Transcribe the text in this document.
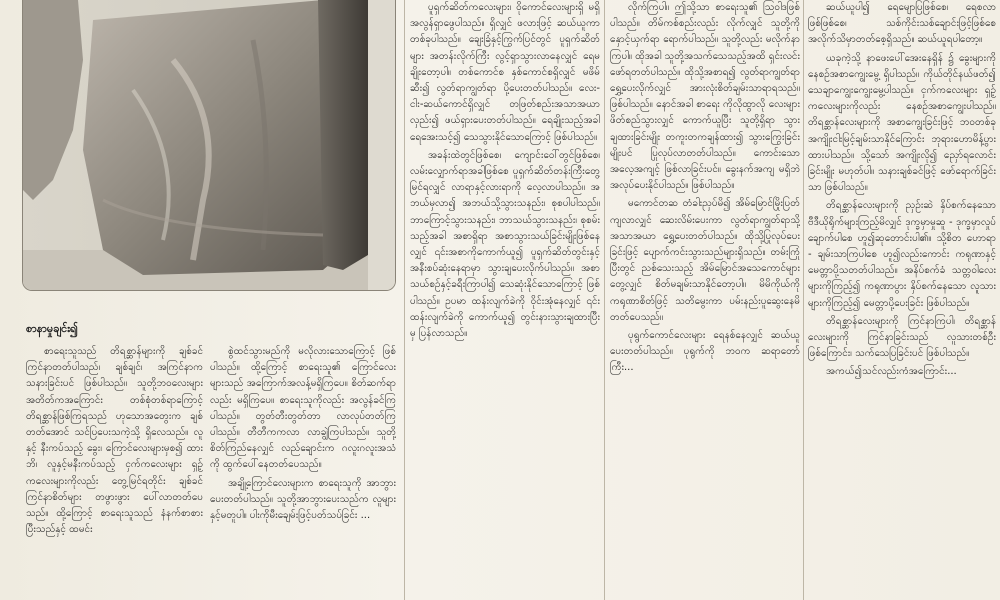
စာနာမှုချင်း၍

စာရေးသူသည် တိရစ္ဆာန်များကို ချစ်ခင်ကြင်နာတတ်ပါသည်၊ ချစ်ချင်၊ အကြင်နာက သနားခြင်းပင် ဖြစ်ပါသည်။ သူတို့ဘဝလေးများ အတိတ်ကအကြောင်း တစ်စုံတစ်ရာကြောင့် တိရစ္ဆာန်ဖြစ်ကြရသည် ဟုသောအတွေးက ချစ်တတ်အောင် သင်ပြပေးသကဲ့သို့ ရှိလေသည်။ လူနှင့် နီးကပ်သည့် ခွေး၊ ကြောင်လေးများမှစ၍ ထားဘိ၊ လူနှင့်မနီးကပ်သည့် ငှက်ကလေးများ ရှဉ့်ကလေးများကိုလည်း တွေ့မြင်ရတိုင်း ချစ်ခင်ကြင်နာစိတ်များ တဖွားဖွား ပေါ်လာတတ်ပေသည်။ ထို့ကြောင့် စာရေးသူသည် နံနက်စာစားပြီးသည်နှင့် ထမင်း

စွဲထင်သွားမည်ကို မလိုလားသောကြောင့် ဖြစ်ပါသည်။ ထို့ကြောင့် စာရေးသူ၏ ကြောင်လေးများသည် အကြောက်အလန့်မရှိကြပေ။ စိတ်ဆက်ရာလည်း မရှိကြပေ။ စာရေးသူကိုလည်း အလွန်ခင်ကြပါသည်။ တွတ်တီးတွတ်တာ လာလုပ်တတ်ကြပါသည်။ တီတီကကလာ လာချွဲကြပါသည်။ သူတို့စိတ်ကြည်နေလျှင် လည်ချောင်းက ဂလူးဂလူးအသံကို ထွက်ပေါ်နေတတ်ပေသည်။

အချို့ကြောင်လေးများက စာရေးသူကို အာဘွားပေးတတ်ပါသည်။ သူတို့အာဘွားပေးသည်က လူများနှင့်မတူပါ။ ပါးကိုမီးချေမ်းဖြင့်ပတ်သပ်ခြင်း ...

ပူရှက်ဆိတ်ကလေးများ၊ ဝိုကောင်လေးများရှိ မရှိ အလွန်ရှာဖွေပါသည်။ ရှိလျှင် ဖလားဖြင့် ဆယ်ယူကာ တစ်ခုပါသည်။ ချေးခြံနှင့်ကြွက်ပြင်တွင် ပူရှက်ဆိတ်များ အတန်းလိုက်ကြီး လွင့်ရှာသွားလာနေလျှင် ရေမချိုးတော့ပါ။ တစ်ကောင်စ နှစ်ကောင်စရှိလျှင် မဖိမ်ဆီး၍ လွတ်ရာကျွတ်ရာ ပို့ပေးတတ်ပါသည်။ လေး-ငါး-ဆယ်ကောင်ရှိလျှင် တဖြတ်စည်းအသာအယာလှည်း၍ ဖယ်ရှားပေးတတ်ပါသည်။ ရေချိုးသည့်အခါ ရေအေးသင့်၍ သေသွားနိုင်သောကြောင့် ဖြစ်ပါသည်။

အခန်းထဲတွင်ဖြစ်စေ၊ ကျောင်းဝေါ်တွင်ဖြစ်စေ၊ လမ်းလျှောက်ရာအခါဖြစ်စေ ပူရှက်ဆိတ်တန်းကြီးတွေ့ မြင်ရလျှင် လာရာနှင့်လားရာကို လေ့လာပါသည်။ အဘယ်မှလာ၍ အဘယ်သို့သွားသနည်း၊ စုစပါပါသည်။ ဘာကြောင့်သွားသနည်း၊ ဘာသယ်သွားသနည်း၊ စုစမ်းသည့်အခါ အစာရှိရာ အစာသွားသယ်ခြင်းမျိုးဖြစ်နေလျှင် ၎င်းအစာကိုကောက်ယူ၍ ပူရှက်ဆိတ်တွင်းနှင့် အနီးစပ်ဆုံးနေရာမှာ သွားချပေးလိုက်ပါသည်။ အစာသယ်စဉ်နှင့်ခရီးကြာပါ၍ သေဆုံးနိုင်သောကြောင့် ဖြစ်ပါသည်။ ဥပမာ ထန်းလျက်ခဲကို ဝိုင်းအုံနေလျှင် ၎င်းထန်းလျက်ခဲကို ကောက်ယူ၍ တွင်းနားသွားချထားပြီးမှ ပြန်လာသည်။

လိုက်ကြပါ။ ဤသို့သာ စာရေးသူ၏ ဩဝါဒဖြစ်ပါသည်။ တိမ်ကစ်စည်းလည်း လိုက်လျှင် သူတို့ကို နှောင့်ယှက်ရာ ရောက်ပါသည်။ သူတို့လည်း မလိုက်နာကြပါ။ ထိုအခါ သူတို့အသက်သေသည့်အထိ ရှင်းလင်းဖော်ရတတ်ပါသည်။ ထိုသို့အစာရ၍ လွတ်ရာကျွတ်ရာရွှေ့ပေးလိုက်လျှင် အားလုံးစိတ်ချမ်းသာရာရသည်။ ဖြစ်ပါသည်။ နောင်အခါ စာရေး ကိုလိုထွာလို လေးများ ဖိတ်စည်သွားလျှင် ကောက်ယူပြီး သူတို့ရှိရာ သွားချထားခြင်းမျိုး တကူးတကချန်ထား၍ သွားကြွေးခြင်းမျိုးပင် ပြုလုပ်လာတတ်ပါသည်။ ကောင်းသောအလေ့အကျင့် ဖြစ်လာခြင်းပင်။ ခွေးနက်အကျ မရှိဘဲ အလုပ်ပေးနိုင်ပါသည်။ ဖြစ်ပါသည်။

မကောင်တဆ တံခါးညှပ်မိ၍ အိမ်မြောင်မြိုးပြတ်ကျလာလျှင် ဆေးလိမ်းပေးကာ လွတ်ရာကျွတ်ရာသို့ အသာအယာ ရွှေ့ပေးတတ်ပါသည်။ ထိုသို့ပြုလုပ်ပေးခြင်းဖြင့် ပျောက်ကင်းသွားသည်များရှိသည်။ တမ်းကြုံပြီးတွင် ညစ်သေးသည့် အိမ်မြောင်အသေကောင်များတွေ့လျှင် စိတ်မချမ်းသာနိုင်တော့ပါ။ မိမိကိုယ်ကို ကရုဏာစိတ်ဖြင့် သတိမွေးကာ ပမ်းနည်းပူဆွေးနေမိတတ်ပေသည်။

ပုရွက်ကောင်လေးများ ရေနစ်နေလျှင် ဆယ်ယူပေးတတ်ပါသည်။ ပုရွက်ကို ဘဝက ဆရာတော်ကြီး...

ဆယ်ယူပါ၍ ရေမျောပြဖြစ်စေ၊ ရေစလာ ဖြစ်ဖြစ်စေ၊ သစ်ကိုင်းသစ်ချောင်းဖြင့်ဖြစ်စေ အလိုက်သိမှာတတ်စေ့ရှိသည်။ ဆယ်ယူရပါတော့။

ယခုကဲ့သို့ နာဖေးပေါ်အေးနေရှိန် ၌ ခွေးများကို နေစဉ်အစာကျွေးမွေ့ ရှိပါသည်။ ကိုယ်တိုင်နယ်ဖတ်၍ သေချာကျွေးကျွေးမွေ့ပါသည်။ ငှက်ကလေးများ ရှဉ့်ကလေးများကိုလည်း နေစဉ်အစာကျွေးပါသည်။ တိရစ္ဆာန်လေးများကို အစာကျွေးခြင်းဖြင့် ဘဝတစ်ခု အကျိုးငါးမြင့်ချမ်းသာနိုင်ကြောင်း ဘုရားဟောမိန့်ပွားထားပါသည်။ သို့သော် အကျိုးလို၍ ညှော်ရလောင်းခြင်းမျိုး မဟုတ်ပါ။ သနားချစ်ခင်ဖြင့် ဖော်ရောက်ခြင်းသာ ဖြစ်ပါသည်။

တိရစ္ဆာန်လေးများကို ညှဉ်းဆဲ နှိပ်စက်နေသော ဗီဒီယိုရိုက်များကြည့်မိလျှင် ဒုက္ခမှာမှုဆူ - ဒုက္ခမှာလှုပ်ချောက်ပါစေ ဟူ၍ဆုတောင်းပါ၏။ သို့စိတ ဟောရာ - ချမ်းသာကြပါစေ ဟူ၍လည်းကောင်း ကရုဏာနှင့် မေတ္တာပို့သတတ်ပါသည်။ အနိပ်စက်ခံ သတ္တဝါလေးများကိုကြည့်၍ ကရုဏာပွား နှိပ်စက်နေသော လူသားများကိုကြည့်၍ မေတ္တာပို့ပေးခြင်း ဖြစ်ပါသည်။

တိရစ္ဆာန်လေးများကို ကြင်နာကြပါ၊ တိရစ္ဆာန်လေးများကို ကြင်နာခြင်းသည် လူသားတစ်ဦးဖြစ်ကြောင်း၊ သက်သေပြခြင်းပင် ဖြစ်ပါသည်။

အကယ်၍သင်လည်းကံအကြောင်း...
